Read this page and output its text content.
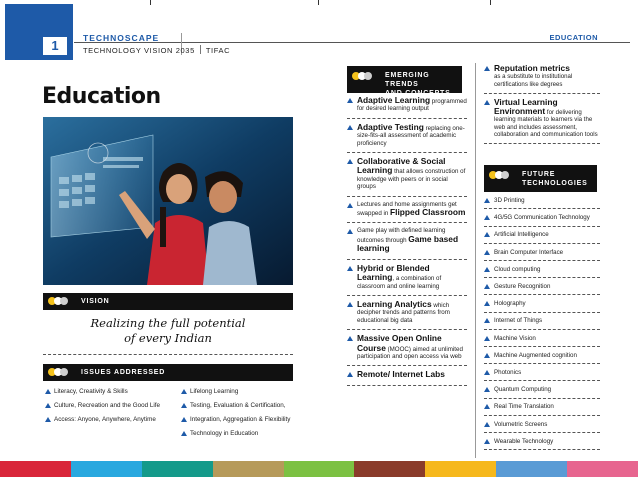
1	TECHNOSCAPE
TECHNOLOGY VISION 2035 TIFAC
EDUCATION
Education
VISION
Realizing the full potential
of every Indian
ISSUES ADDRESSED
Literacy, Creativity & Skills
Culture, Recreation and the Good Life
Access: Anyone, Anywhere, Anytime
Lifelong Learning
Testing, Evaluation & Certification,
Integration, Aggregation & Flexibility
Technology in Education
EMERGING TRENDS
AND CONCEPTS
Adaptive Learning programmed for desired learning output
Adaptive Testing replacing one-size-fits-all assessment of academic proficiency
Collaborative & Social Learning that allows construction of knowledge with peers or in social groups
Lectures and home assignments get swapped in Flipped Classroom
Game play with defined learning outcomes through Game based learning
Hybrid or Blended Learning, a combination of classroom and online learning
Learning Analytics which decipher trends and patterns from educational big data
Massive Open Online Course (MOOC) aimed at unlimited participation and open access via web
Remote/ Internet Labs
Reputation metrics
as a substitute to institutional certifications like degrees
Virtual Learning Environment for delivering learning materials to learners via the web and includes assessment, collaboration and communication tools
FUTURE
TECHNOLOGIES
3D Printing
4G/5G Communication Technology
Artificial Intelligence
Brain Computer Interface
Cloud computing
Gesture Recognition
Holography
Internet of Things
Machine Vision
Machine Augmented cognition
Photonics
Quantum Computing
Real Time Translation
Volumetric Screens
Wearable Technology
